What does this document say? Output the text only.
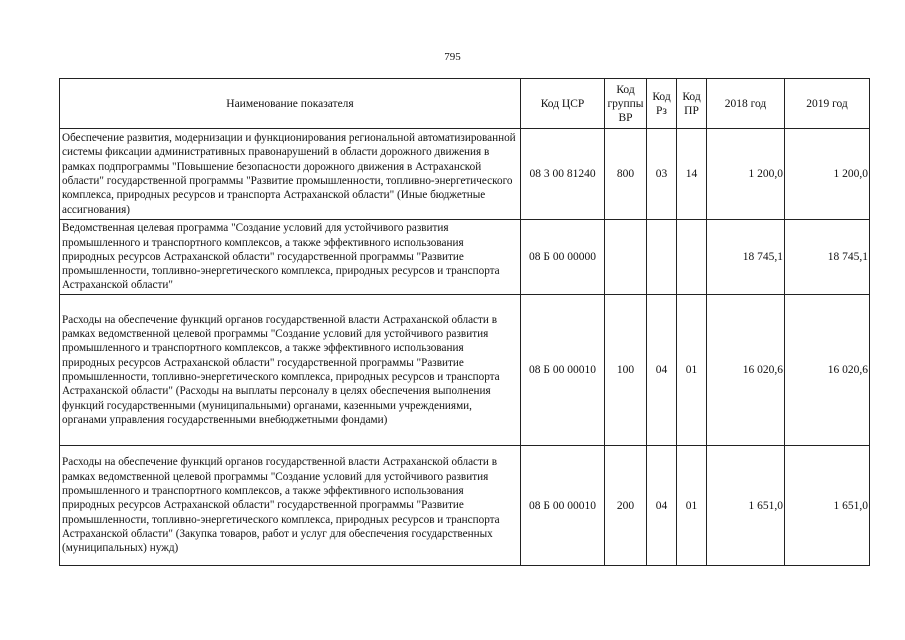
795
Наименование показателя	Код ЦСР	Код группы ВР	Код Рз	Код ПР	2018 год	2019 год
Обеспечение развития, модернизации и функционирования региональной автоматизированной системы фиксации административных правонарушений в области дорожного движения в рамках подпрограммы "Повышение безопасности дорожного движения в Астраханской области" государственной программы "Развитие промышленности, топливно-энергетического комплекса, природных ресурсов и транспорта Астраханской области" (Иные бюджетные ассигнования)	08 3 00 81240	800	03	14	1 200,0	1 200,0
Ведомственная целевая программа "Создание условий для устойчивого развития промышленного и транспортного комплексов, а также эффективного использования природных ресурсов Астраханской области" государственной программы "Развитие промышленности, топливно-энергетического комплекса, природных ресурсов и транспорта Астраханской области"	08 Б 00 00000				18 745,1	18 745,1
Расходы на обеспечение функций органов государственной власти Астраханской области в рамках ведомственной целевой программы "Создание условий для устойчивого развития промышленного и транспортного комплексов, а также эффективного использования природных ресурсов Астраханской области" государственной программы "Развитие промышленности, топливно-энергетического комплекса, природных ресурсов и транспорта Астраханской области" (Расходы на выплаты персоналу в целях обеспечения выполнения функций государственными (муниципальными) органами, казенными учреждениями, органами управления государственными внебюджетными фондами)	08 Б 00 00010	100	04	01	16 020,6	16 020,6
Расходы на обеспечение функций органов государственной власти Астраханской области в рамках ведомственной целевой программы "Создание условий для устойчивого развития промышленного и транспортного комплексов, а также эффективного использования природных ресурсов Астраханской области" государственной программы "Развитие промышленности, топливно-энергетического комплекса, природных ресурсов и транспорта Астраханской области" (Закупка товаров, работ и услуг для обеспечения государственных (муниципальных) нужд)	08 Б 00 00010	200	04	01	1 651,0	1 651,0
